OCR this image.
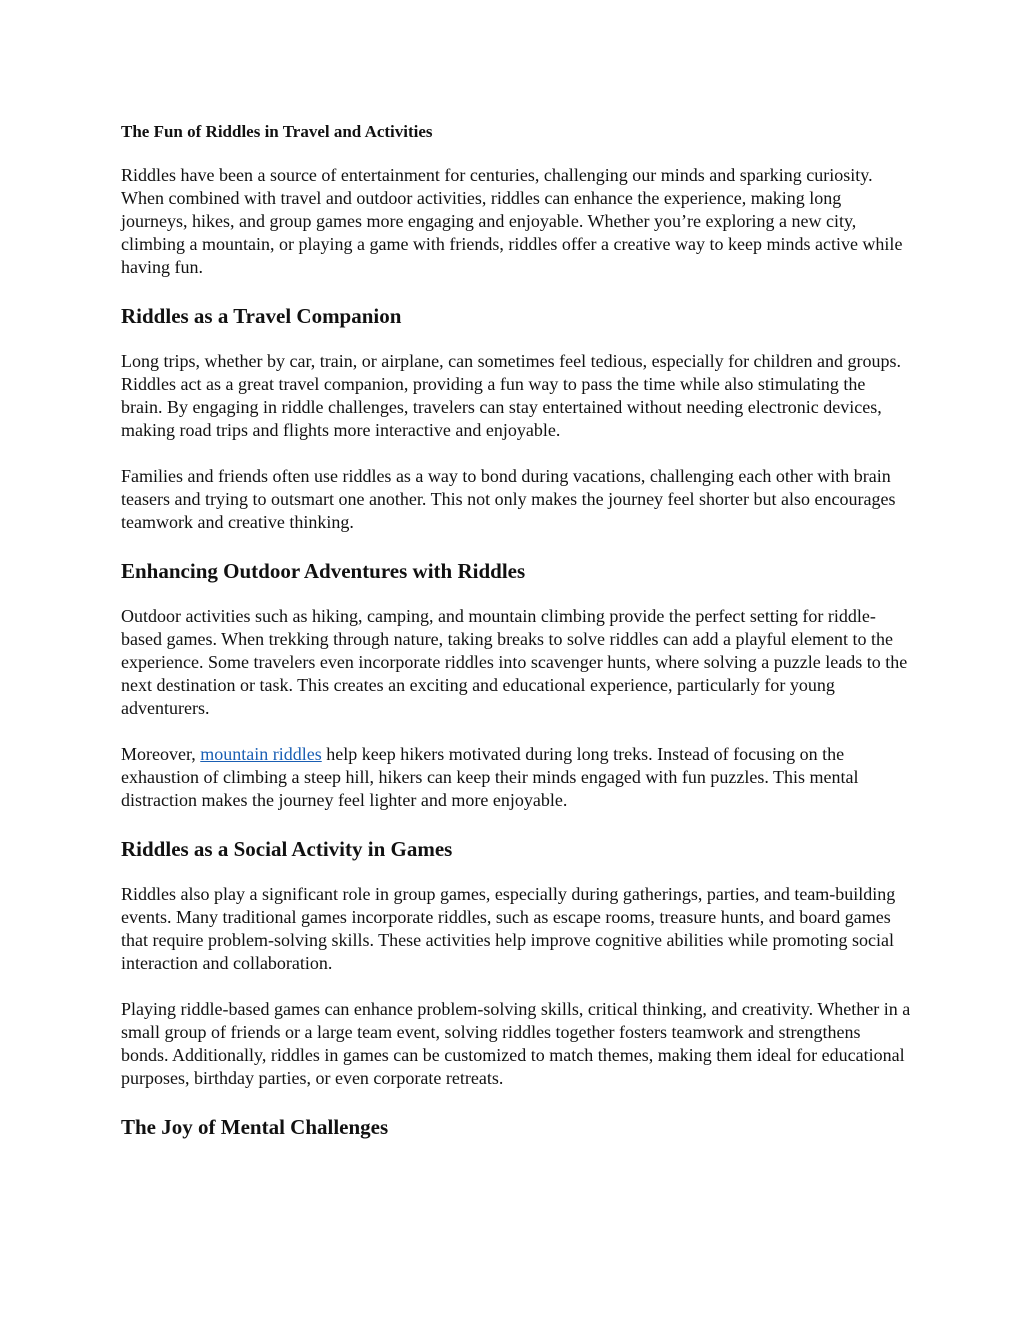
The Fun of Riddles in Travel and Activities

Riddles have been a source of entertainment for centuries, challenging our minds and sparking curiosity. When combined with travel and outdoor activities, riddles can enhance the experience, making long journeys, hikes, and group games more engaging and enjoyable. Whether you’re exploring a new city, climbing a mountain, or playing a game with friends, riddles offer a creative way to keep minds active while having fun.

Riddles as a Travel Companion

Long trips, whether by car, train, or airplane, can sometimes feel tedious, especially for children and groups. Riddles act as a great travel companion, providing a fun way to pass the time while also stimulating the brain. By engaging in riddle challenges, travelers can stay entertained without needing electronic devices, making road trips and flights more interactive and enjoyable.

Families and friends often use riddles as a way to bond during vacations, challenging each other with brain teasers and trying to outsmart one another. This not only makes the journey feel shorter but also encourages teamwork and creative thinking.

Enhancing Outdoor Adventures with Riddles

Outdoor activities such as hiking, camping, and mountain climbing provide the perfect setting for riddle-based games. When trekking through nature, taking breaks to solve riddles can add a playful element to the experience. Some travelers even incorporate riddles into scavenger hunts, where solving a puzzle leads to the next destination or task. This creates an exciting and educational experience, particularly for young adventurers.

Moreover, mountain riddles help keep hikers motivated during long treks. Instead of focusing on the exhaustion of climbing a steep hill, hikers can keep their minds engaged with fun puzzles. This mental distraction makes the journey feel lighter and more enjoyable.

Riddles as a Social Activity in Games

Riddles also play a significant role in group games, especially during gatherings, parties, and team-building events. Many traditional games incorporate riddles, such as escape rooms, treasure hunts, and board games that require problem-solving skills. These activities help improve cognitive abilities while promoting social interaction and collaboration.

Playing riddle-based games can enhance problem-solving skills, critical thinking, and creativity. Whether in a small group of friends or a large team event, solving riddles together fosters teamwork and strengthens bonds. Additionally, riddles in games can be customized to match themes, making them ideal for educational purposes, birthday parties, or even corporate retreats.

The Joy of Mental Challenges
